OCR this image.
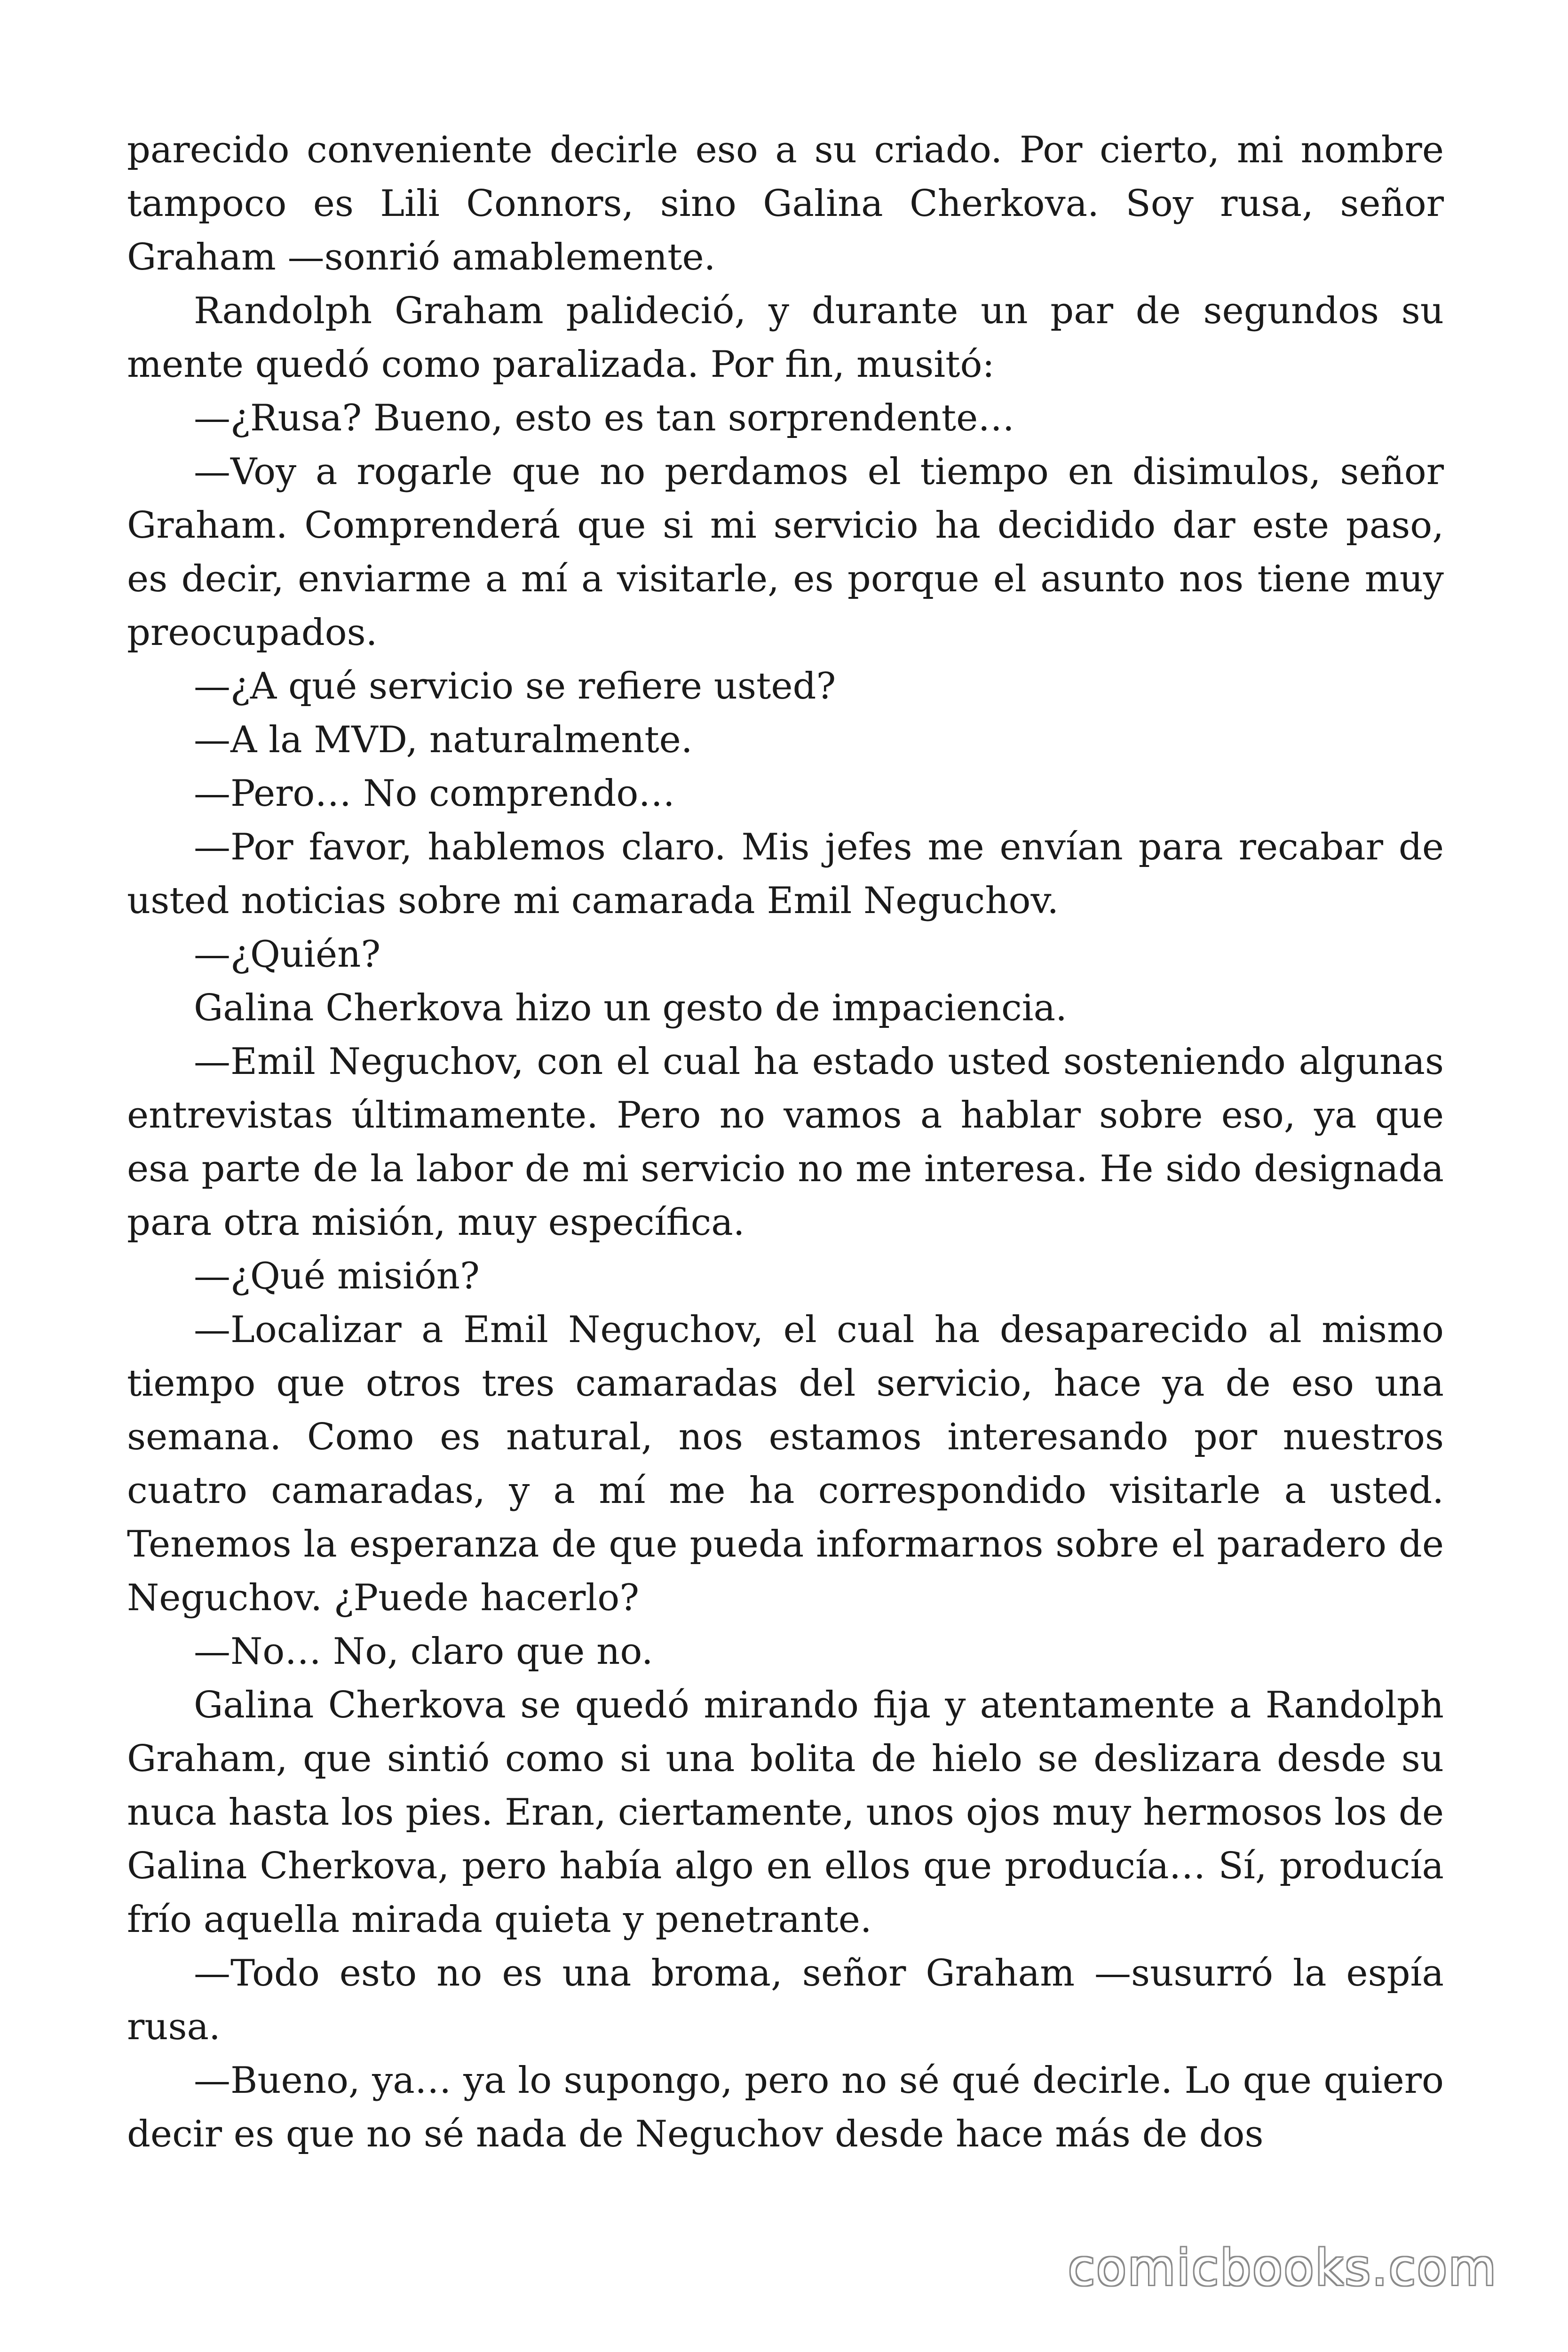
parecido conveniente decirle eso a su criado. Por cierto, mi nombre tampoco es Lili Connors, sino Galina Cherkova. Soy rusa, señor Graham —sonrió amablemente.

Randolph Graham palideció, y durante un par de segundos su mente quedó como paralizada. Por fin, musitó:

—¿Rusa? Bueno, esto es tan sorprendente…

—Voy a rogarle que no perdamos el tiempo en disimulos, señor Graham. Comprenderá que si mi servicio ha decidido dar este paso, es decir, enviarme a mí a visitarle, es porque el asunto nos tiene muy preocupados.

—¿A qué servicio se refiere usted?

—A la MVD, naturalmente.

—Pero… No comprendo…

—Por favor, hablemos claro. Mis jefes me envían para recabar de usted noticias sobre mi camarada Emil Neguchov.

—¿Quién?

Galina Cherkova hizo un gesto de impaciencia.

—Emil Neguchov, con el cual ha estado usted sosteniendo algunas entrevistas últimamente. Pero no vamos a hablar sobre eso, ya que esa parte de la labor de mi servicio no me interesa. He sido designada para otra misión, muy específica.

—¿Qué misión?

—Localizar a Emil Neguchov, el cual ha desaparecido al mismo tiempo que otros tres camaradas del servicio, hace ya de eso una semana. Como es natural, nos estamos interesando por nuestros cuatro camaradas, y a mí me ha correspondido visitarle a usted. Tenemos la esperanza de que pueda informarnos sobre el paradero de Neguchov. ¿Puede hacerlo?

—No… No, claro que no.

Galina Cherkova se quedó mirando fija y atentamente a Randolph Graham, que sintió como si una bolita de hielo se deslizara desde su nuca hasta los pies. Eran, ciertamente, unos ojos muy hermosos los de Galina Cherkova, pero había algo en ellos que producía… Sí, producía frío aquella mirada quieta y penetrante.

—Todo esto no es una broma, señor Graham —susurró la espía rusa.

—Bueno, ya… ya lo supongo, pero no sé qué decirle. Lo que quiero decir es que no sé nada de Neguchov desde hace más de dos

comicbooks.com
